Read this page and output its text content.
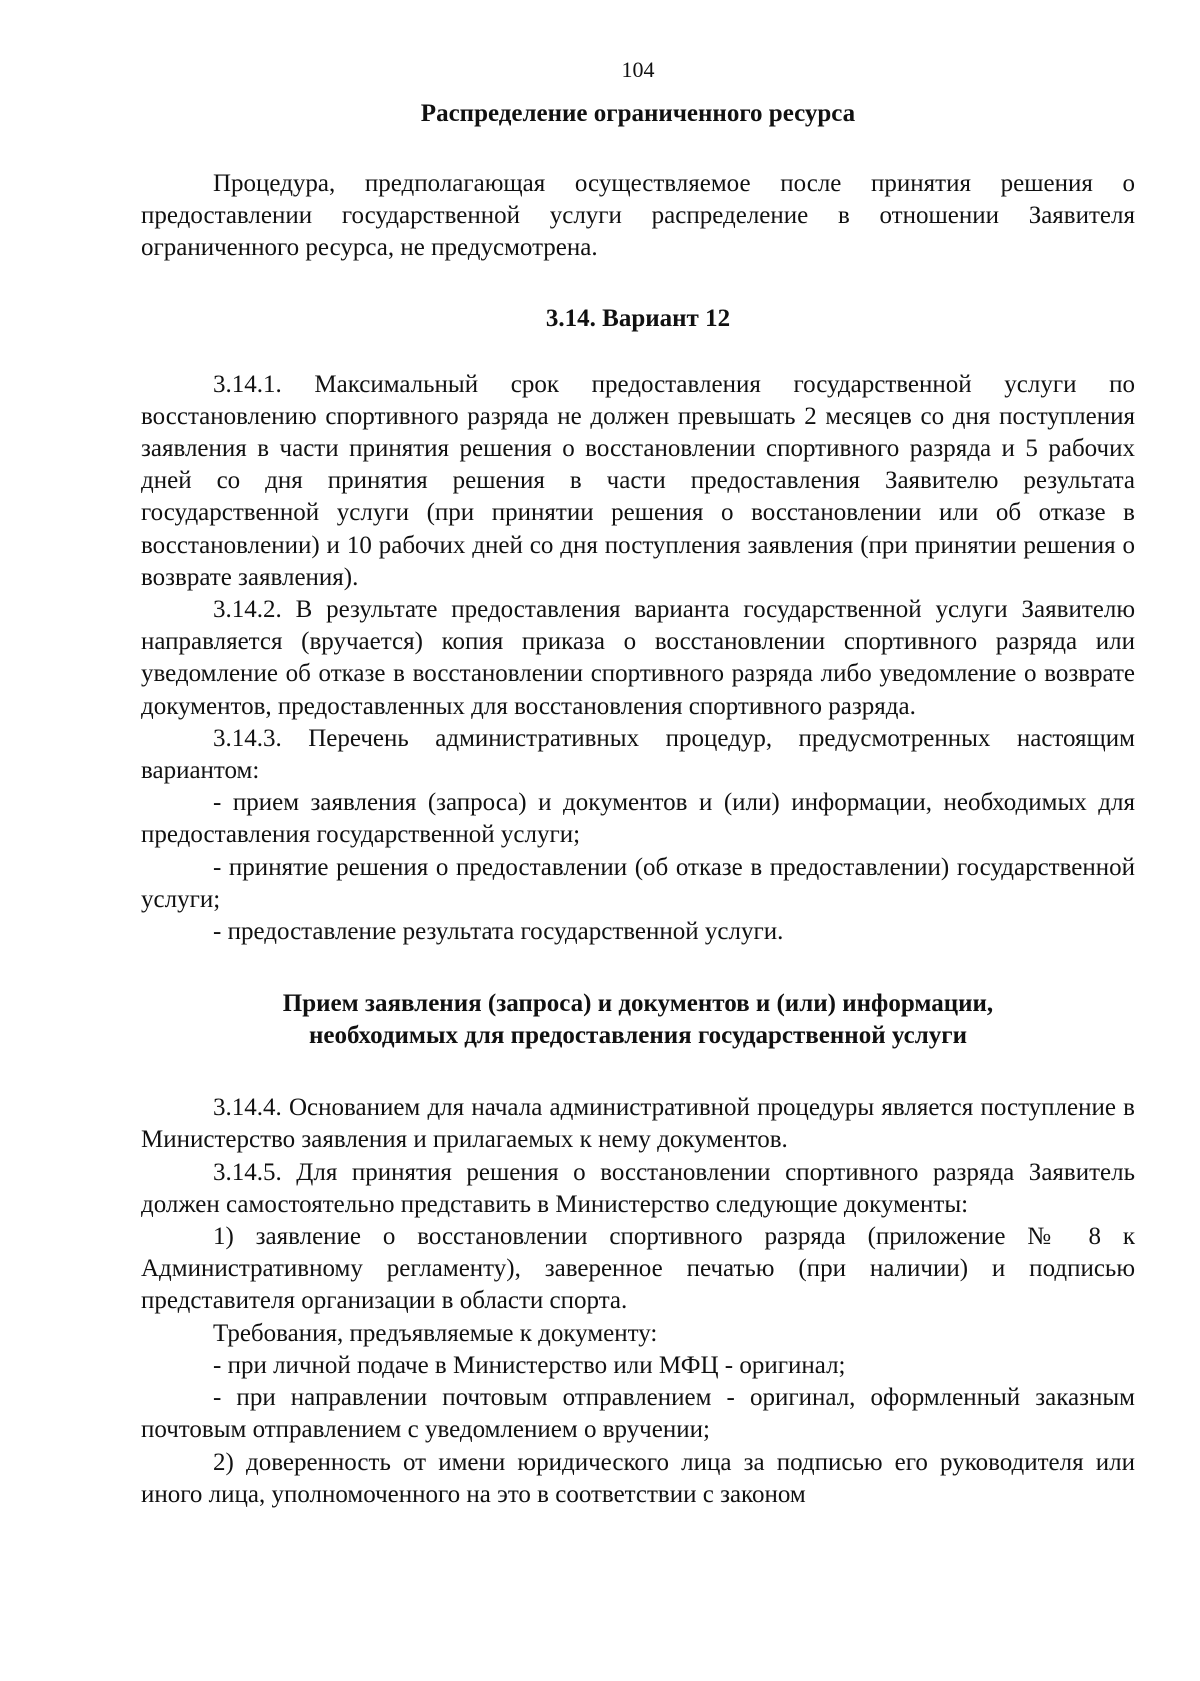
104
Распределение ограниченного ресурса

Процедура, предполагающая осуществляемое после принятия решения о предоставлении государственной услуги распределение в отношении Заявителя ограниченного ресурса, не предусмотрена.

3.14. Вариант 12

3.14.1. Максимальный срок предоставления государственной услуги по восстановлению спортивного разряда не должен превышать 2 месяцев со дня поступления заявления в части принятия решения о восстановлении спортивного разряда и 5 рабочих дней со дня принятия решения в части предоставления Заявителю результата государственной услуги (при принятии решения о восстановлении или об отказе в восстановлении) и 10 рабочих дней со дня поступления заявления (при принятии решения о возврате заявления).

3.14.2. В результате предоставления варианта государственной услуги Заявителю направляется (вручается) копия приказа о восстановлении спортивного разряда или уведомление об отказе в восстановлении спортивного разряда либо уведомление о возврате документов, предоставленных для восстановления спортивного разряда.

3.14.3. Перечень административных процедур, предусмотренных настоящим вариантом:

- прием заявления (запроса) и документов и (или) информации, необходимых для предоставления государственной услуги;

- принятие решения о предоставлении (об отказе в предоставлении) государственной услуги;

- предоставление результата государственной услуги.

Прием заявления (запроса) и документов и (или) информации,
необходимых для предоставления государственной услуги

3.14.4. Основанием для начала административной процедуры является поступление в Министерство заявления и прилагаемых к нему документов.

3.14.5. Для принятия решения о восстановлении спортивного разряда Заявитель должен самостоятельно представить в Министерство следующие документы:

1) заявление о восстановлении спортивного разряда (приложение № 8 к Административному регламенту), заверенное печатью (при наличии) и подписью представителя организации в области спорта.

Требования, предъявляемые к документу:

- при личной подаче в Министерство или МФЦ - оригинал;

- при направлении почтовым отправлением - оригинал, оформленный заказным почтовым отправлением с уведомлением о вручении;

2) доверенность от имени юридического лица за подписью его руководителя или иного лица, уполномоченного на это в соответствии с законом
